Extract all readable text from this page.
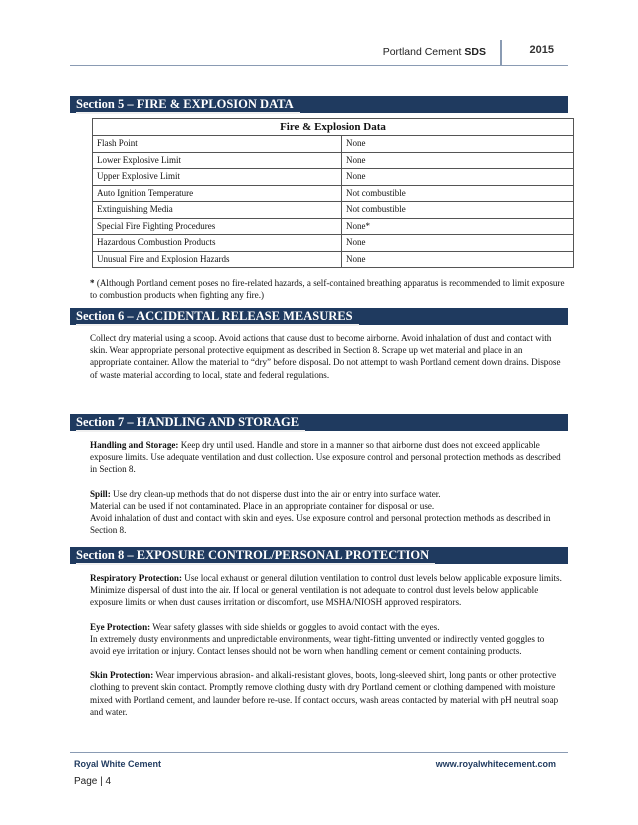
Portland Cement SDS	2015
Section 5 – FIRE & EXPLOSION DATA
Fire & Explosion Data	
Flash Point	None
Lower Explosive Limit	None
Upper Explosive Limit	None
Auto Ignition Temperature	Not combustible
Extinguishing Media	Not combustible
Special Fire Fighting Procedures	None*
Hazardous Combustion Products	None
Unusual Fire and Explosion Hazards	None

* (Although Portland cement poses no fire-related hazards, a self-contained breathing apparatus is recommended to limit exposure to combustion products when fighting any fire.)

Section 6 – ACCIDENTAL RELEASE MEASURES

Collect dry material using a scoop. Avoid actions that cause dust to become airborne. Avoid inhalation of dust and contact with skin. Wear appropriate personal protective equipment as described in Section 8. Scrape up wet material and place in an appropriate container. Allow the material to “dry” before disposal. Do not attempt to wash Portland cement down drains. Dispose of waste material according to local, state and federal regulations.

Section 7 – HANDLING AND STORAGE

Handling and Storage: Keep dry until used. Handle and store in a manner so that airborne dust does not exceed applicable exposure limits. Use adequate ventilation and dust collection. Use exposure control and personal protection methods as described in Section 8.

Spill: Use dry clean-up methods that do not disperse dust into the air or entry into surface water.
Material can be used if not contaminated. Place in an appropriate container for disposal or use.
Avoid inhalation of dust and contact with skin and eyes. Use exposure control and personal protection methods as described in Section 8.

Section 8 – EXPOSURE CONTROL/PERSONAL PROTECTION

Respiratory Protection: Use local exhaust or general dilution ventilation to control dust levels below applicable exposure limits. Minimize dispersal of dust into the air. If local or general ventilation is not adequate to control dust levels below applicable exposure limits or when dust causes irritation or discomfort, use MSHA/NIOSH approved respirators.

Eye Protection: Wear safety glasses with side shields or goggles to avoid contact with the eyes.
In extremely dusty environments and unpredictable environments, wear tight-fitting unvented or indirectly vented goggles to avoid eye irritation or injury. Contact lenses should not be worn when handling cement or cement containing products.

Skin Protection: Wear impervious abrasion- and alkali-resistant gloves, boots, long-sleeved shirt, long pants or other protective clothing to prevent skin contact. Promptly remove clothing dusty with dry Portland cement or clothing dampened with moisture mixed with Portland cement, and launder before re-use. If contact occurs, wash areas contacted by material with pH neutral soap and water.

Royal White Cement	www.royalwhitecement.com
Page | 4
